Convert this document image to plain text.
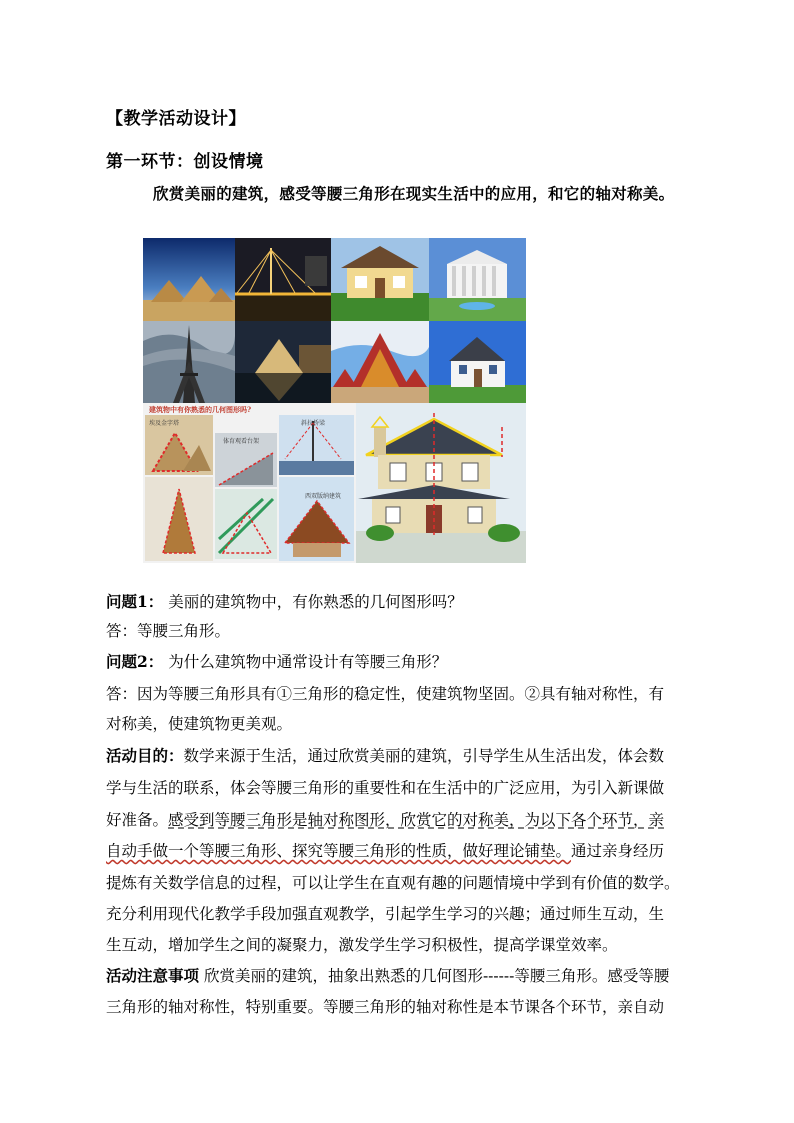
【教学活动设计】
第一环节：创设情境
欣赏美丽的建筑，感受等腰三角形在现实生活中的应用，和它的轴对称美。
建筑物中有你熟悉的几何图形吗?
埃及金字塔
体育观看台架
斜拉桥梁
西双版纳建筑
问题1： 美丽的建筑物中，有你熟悉的几何图形吗？
答：等腰三角形。
问题2： 为什么建筑物中通常设计有等腰三角形？
答：因为等腰三角形具有①三角形的稳定性，使建筑物坚固。②具有轴对称性，有
对称美，使建筑物更美观。
活动目的：数学来源于生活，通过欣赏美丽的建筑，引导学生从生活出发，体会数
学与生活的联系，体会等腰三角形的重要性和在生活中的广泛应用，为引入新课做
好准备。感受到等腰三角形是轴对称图形，欣赏它的对称美，为以下各个环节，亲
自动手做一个等腰三角形、探究等腰三角形的性质，做好理论铺垫。通过亲身经历
提炼有关数学信息的过程，可以让学生在直观有趣的问题情境中学到有价值的数学。
充分利用现代化教学手段加强直观教学，引起学生学习的兴趣；通过师生互动，生
生互动，增加学生之间的凝聚力，激发学生学习积极性，提高学课堂效率。
活动注意事项 欣赏美丽的建筑，抽象出熟悉的几何图形------等腰三角形。感受等腰
三角形的轴对称性，特别重要。等腰三角形的轴对称性是本节课各个环节，亲自动
